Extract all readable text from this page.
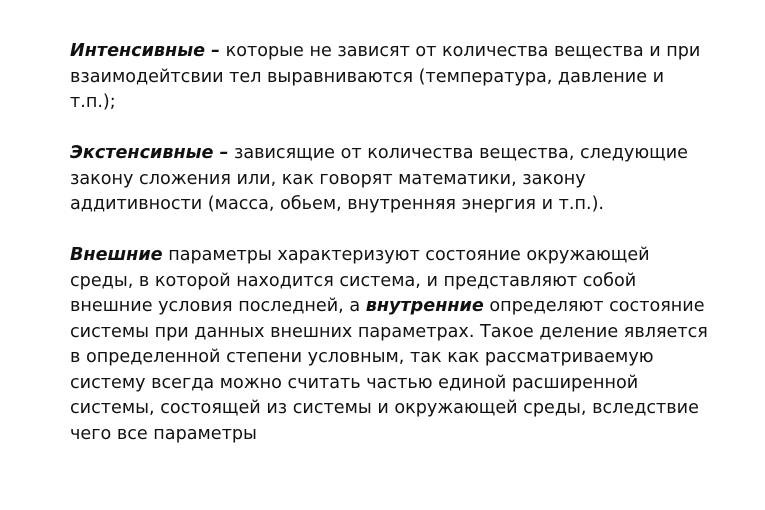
Интенсивные – которые не зависят от количества вещества и при взаимодейтсвии тел выравниваются (температура, давление и т.п.);

Экстенсивные – зависящие от количества вещества, следующие закону сложения или, как говорят математики, закону аддитивности (масса, обьем, внутренняя энергия и т.п.).

Внешние параметры характеризуют состояние окружающей среды, в которой находится система, и представляют собой внешние условия последней, а внутренние определяют состояние системы при данных внешних параметрах. Такое деление является в определенной степени условным, так как рассматриваемую систему всегда можно считать частью единой расширенной системы, состоящей из системы и окружающей среды, вследствие чего все параметры
